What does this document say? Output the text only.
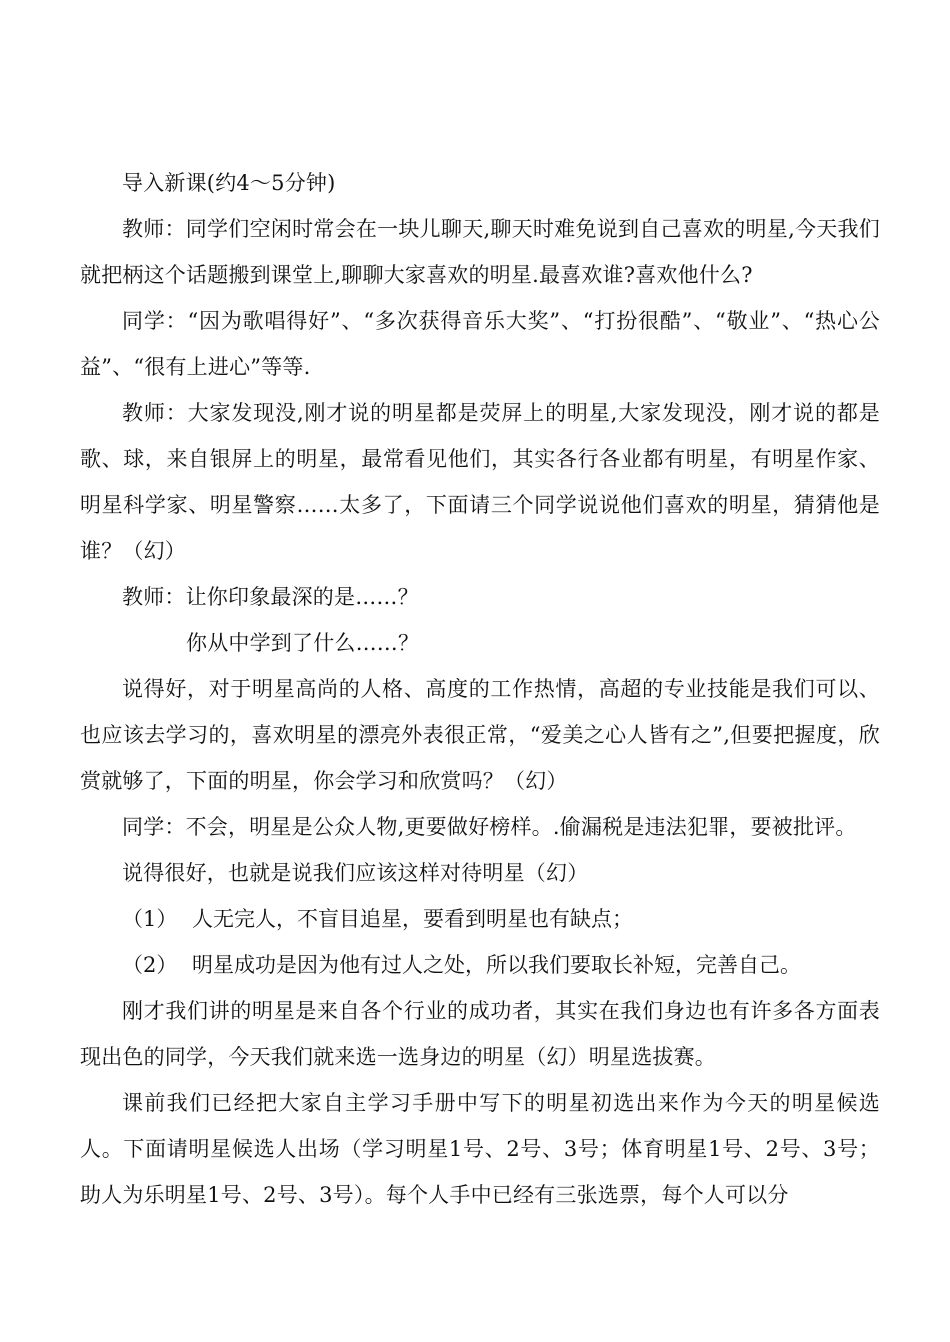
导入新课(约4～5分钟)

教师：同学们空闲时常会在一块儿聊天,聊天时难免说到自己喜欢的明星,今天我们就把柄这个话题搬到课堂上,聊聊大家喜欢的明星.最喜欢谁?喜欢他什么?

同学：“因为歌唱得好”、“多次获得音乐大奖”、“打扮很酷”、“敬业”、“热心公益”、“很有上进心”等等.

教师：大家发现没,刚才说的明星都是荧屏上的明星,大家发现没，刚才说的都是歌、球，来自银屏上的明星，最常看见他们，其实各行各业都有明星，有明星作家、明星科学家、明星警察……太多了，下面请三个同学说说他们喜欢的明星，猜猜他是谁？（幻）

教师：让你印象最深的是……？

你从中学到了什么……？

说得好，对于明星高尚的人格、高度的工作热情，高超的专业技能是我们可以、也应该去学习的，喜欢明星的漂亮外表很正常，“爱美之心人皆有之”,但要把握度，欣赏就够了，下面的明星，你会学习和欣赏吗？（幻）

同学：不会，明星是公众人物,更要做好榜样。.偷漏税是违法犯罪，要被批评。

说得很好，也就是说我们应该这样对待明星（幻）

（1） 人无完人，不盲目追星，要看到明星也有缺点；
（2） 明星成功是因为他有过人之处，所以我们要取长补短，完善自己。

刚才我们讲的明星是来自各个行业的成功者，其实在我们身边也有许多各方面表现出色的同学，今天我们就来选一选身边的明星（幻）明星选拔赛。

课前我们已经把大家自主学习手册中写下的明星初选出来作为今天的明星候选人。下面请明星候选人出场（学习明星1号、2号、3号；体育明星1号、2号、3号；助人为乐明星1号、2号、3号）。每个人手中已经有三张选票，每个人可以分
